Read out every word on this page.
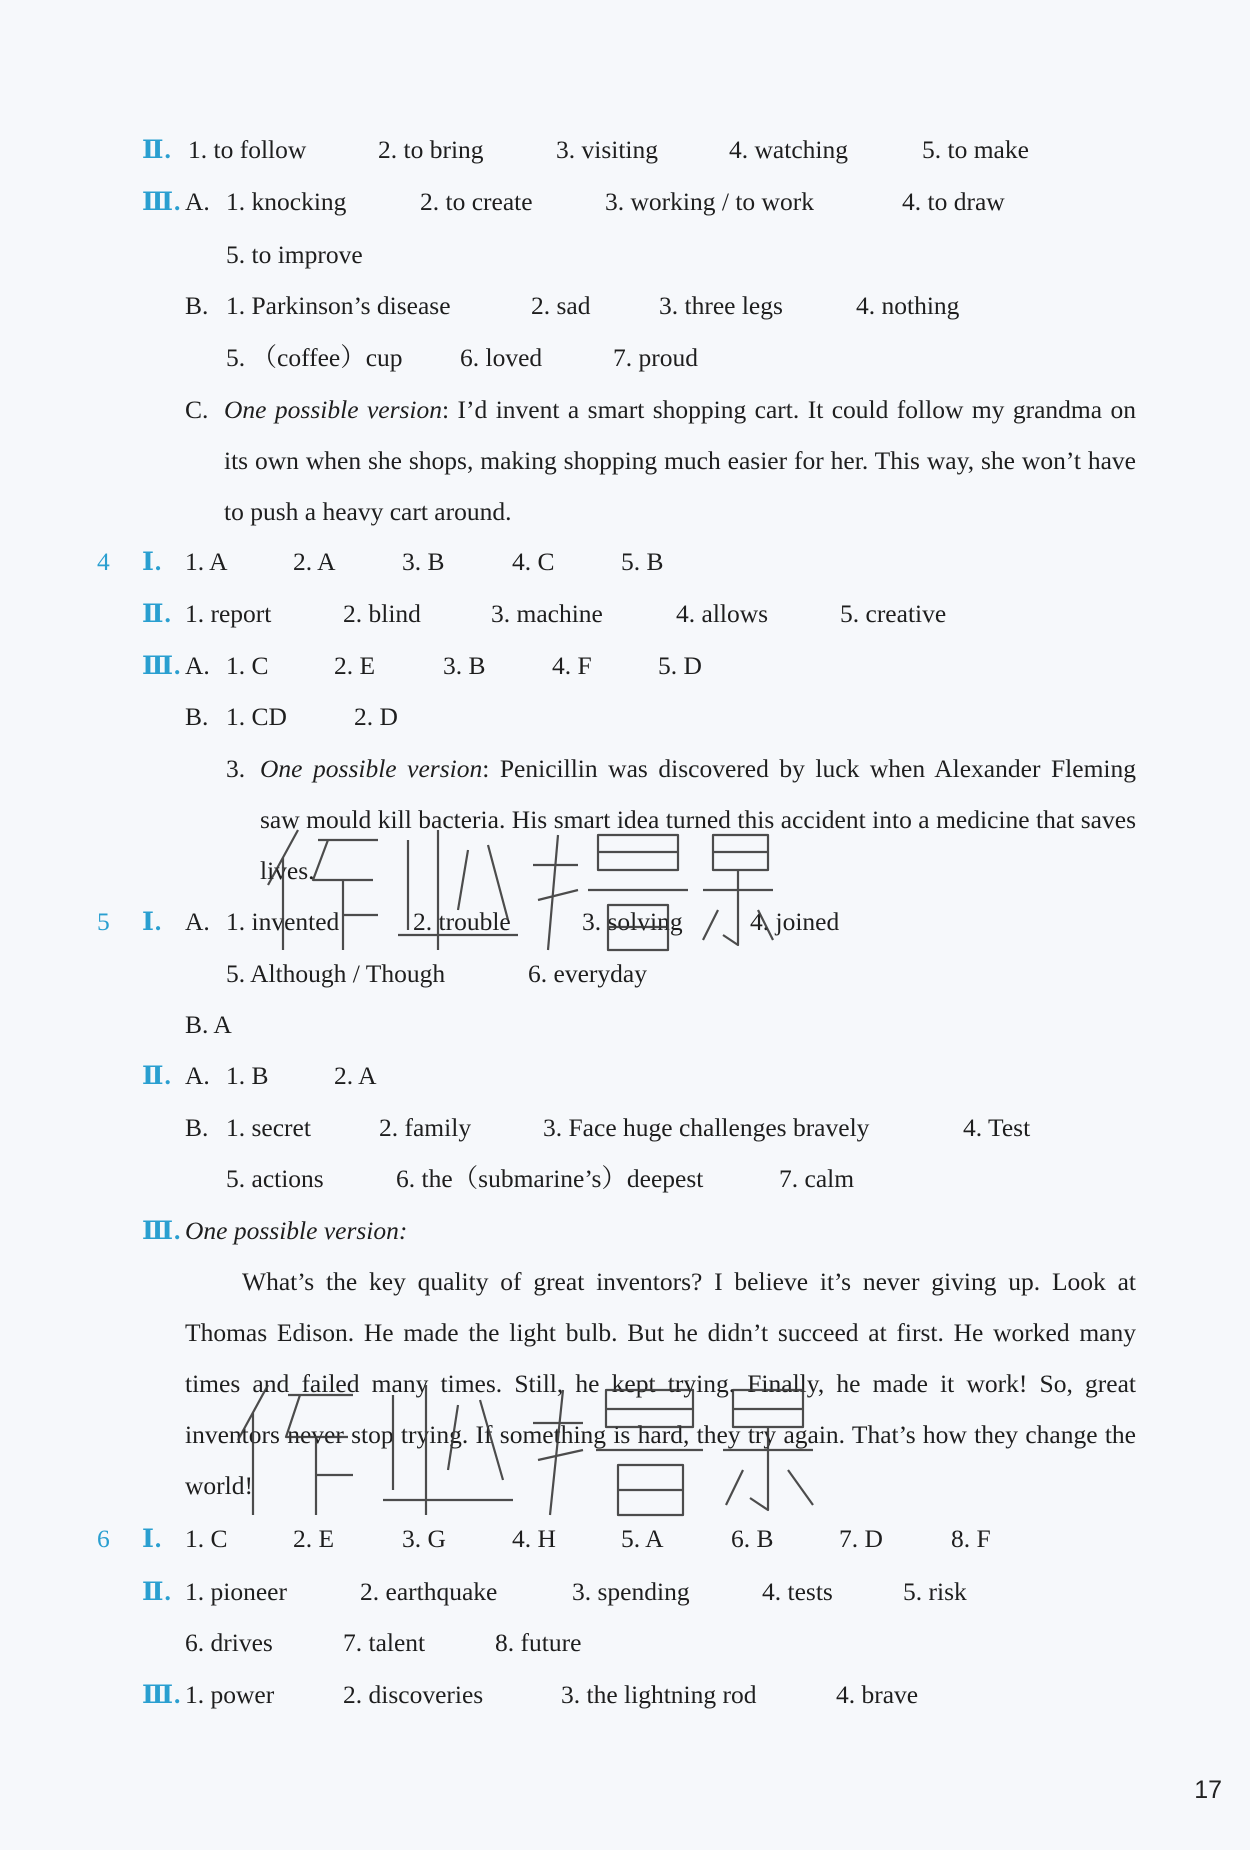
Ⅱ. 1. to follow	2. to bring	3. visiting	4. watching	5. to make
Ⅲ. A. 1. knocking	2. to create	3. working / to work	4. to draw
5. to improve
B. 1. Parkinson’s disease	2. sad	3. three legs	4. nothing
5. （coffee）cup 6. loved	7. proud
C. One possible version: I’d invent a smart shopping cart. It could follow my grandma on its own when she shops, making shopping much easier for her. This way, she won’t have to push a heavy cart around.
4 Ⅰ. 1. A	2. A	3. B	4. C	5. B
Ⅱ. 1. report	2. blind	3. machine	4. allows	5. creative
Ⅲ. A. 1. C	2. E	3. B	4. F	5. D
B. 1. CD	2. D
3. One possible version: Penicillin was discovered by luck when Alexander Fleming saw mould kill bacteria. His smart idea turned this accident into a medicine that saves lives.
5 Ⅰ. A. 1. invented	2. trouble	3. solving	4. joined
5. Although / Though	6. everyday
B. A
Ⅱ. A. 1. B	2. A
B. 1. secret	2. family	3. Face huge challenges bravely	4. Test
5. actions	6. the（submarine’s）deepest	7. calm
Ⅲ. One possible version:
What’s the key quality of great inventors? I believe it’s never giving up. Look at Thomas Edison. He made the light bulb. But he didn’t succeed at first. He worked many times and failed many times. Still, he kept trying. Finally, he made it work! So, great inventors never stop trying. If something is hard, they try again. That’s how they change the world!
6 Ⅰ. 1. C	2. E	3. G	4. H	5. A	6. B	7. D	8. F
Ⅱ. 1. pioneer	2. earthquake	3. spending	4. tests	5. risk
6. drives	7. talent	8. future
Ⅲ. 1. power	2. discoveries	3. the lightning rod	4. brave
17
